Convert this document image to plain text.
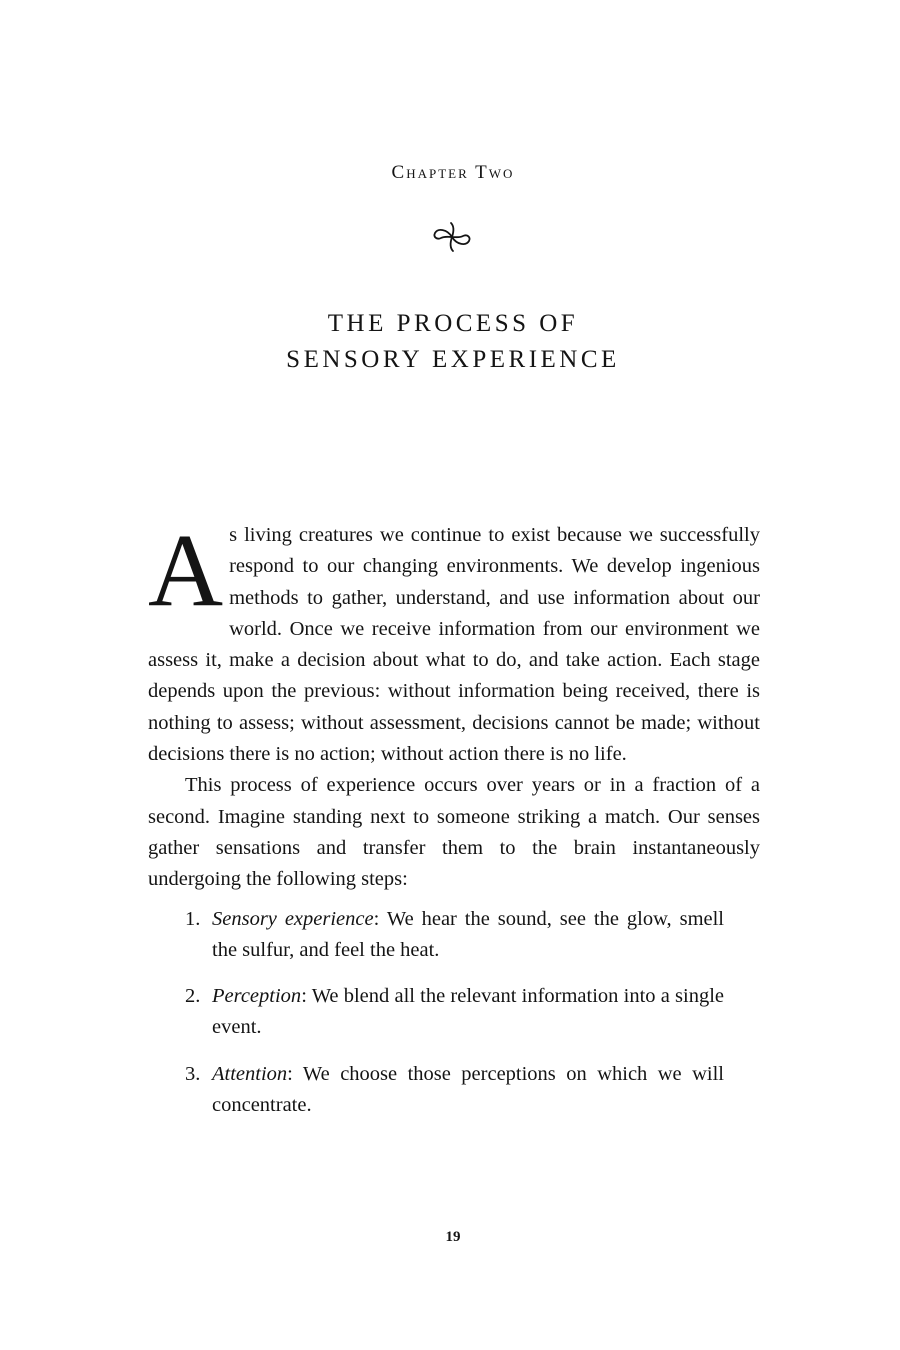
Chapter Two
THE PROCESS OF
SENSORY EXPERIENCE

As living creatures we continue to exist because we successfully respond to our changing environments. We develop ingenious methods to gather, understand, and use information about our world. Once we receive information from our environment we assess it, make a decision about what to do, and take action. Each stage depends upon the previous: without information being received, there is nothing to assess; without assessment, decisions cannot be made; without decisions there is no action; without action there is no life.

This process of experience occurs over years or in a fraction of a second. Imagine standing next to someone striking a match. Our senses gather sensations and transfer them to the brain instantaneously undergoing the following steps:

1. Sensory experience: We hear the sound, see the glow, smell the sulfur, and feel the heat.
2. Perception: We blend all the relevant information into a single event.
3. Attention: We choose those perceptions on which we will concentrate.
19
